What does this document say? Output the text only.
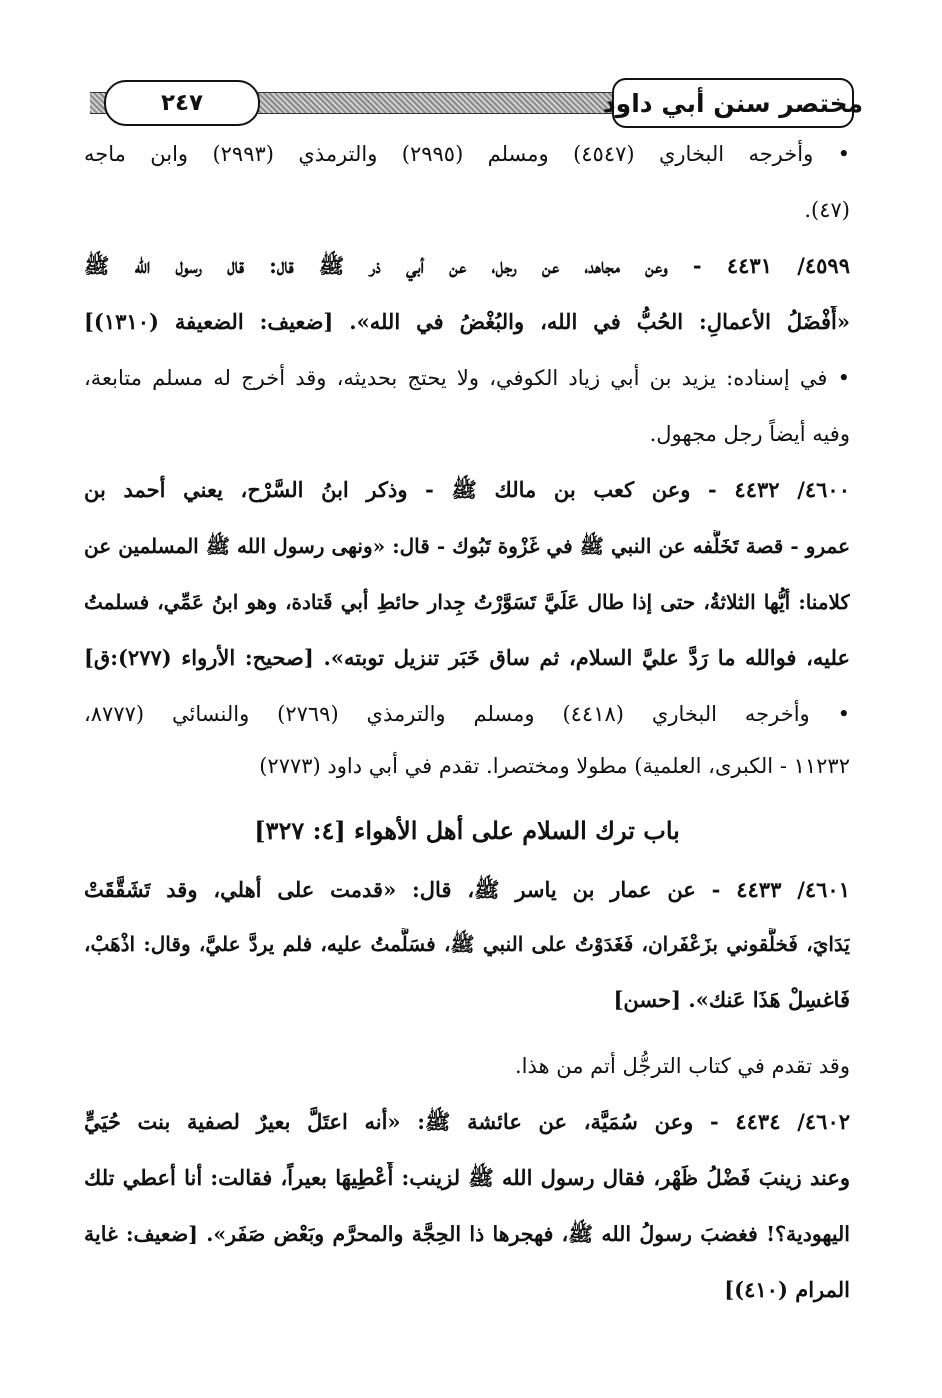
٢٤٧	مختصر سنن أبي داود
• وأخرجه البخاري (٤٥٤٧) ومسلم (٢٩٩٥) والترمذي (٢٩٩٣) وابن ماجه
(٤٧).
٤٥٩٩/ ٤٤٣١ - وعن مجاهد، عن رجل، عن أبي ذر ﷺ قال: قال رسول الله ﷺ
«أَفْضَلُ الأعمالِ: الحُبُّ في الله، والبُغْضُ في الله». [ضعيف: الضعيفة (١٣١٠)]
• في إسناده: يزيد بن أبي زياد الكوفي، ولا يحتج بحديثه، وقد أخرج له مسلم متابعة،
وفيه أيضاً رجل مجهول.
٤٦٠٠/ ٤٤٣٢ - وعن كعب بن مالك ﷺ - وذكر ابنُ السَّرْح، يعني أحمد بن
عمرو - قصة تَخَلُّفه عن النبي ﷺ في غَزْوة تَبُوك - قال: «ونهى رسول الله ﷺ المسلمين عن
كلامنا: أيُّها الثلاثةُ، حتى إذا طال عَلَيَّ تَسَوَّرْتُ جِدار حائطِ أبي قَتادة، وهو ابنُ عَمِّي، فسلمتُ
عليه، فوالله ما رَدَّ عليَّ السلام، ثم ساق خَبَر تنزيل توبته». [صحيح: الأرواء (٢٧٧):ق]
• وأخرجه البخاري (٤٤١٨) ومسلم والترمذي (٢٧٦٩) والنسائي (٨٧٧٧،
١١٢٣٢ - الكبرى، العلمية) مطولا ومختصرا. تقدم في أبي داود (٢٧٧٣)
باب ترك السلام على أهل الأهواء [٤: ٣٢٧]
٤٦٠١/ ٤٤٣٣ - عن عمار بن ياسر ﷺ، قال: «قدمت على أهلي، وقد تَشَقَّقَتْ
يَدَايَ، فَخلَّقوني بزَعْفَران، فَغَدَوْتُ على النبي ﷺ، فسَلَّمتُ عليه، فلم يردَّ عليَّ، وقال: اذْهَبْ،
فَاغسِلْ هَذَا عَنك». [حسن]
وقد تقدم في كتاب الترجُّل أتم من هذا.
٤٦٠٢/ ٤٤٣٤ - وعن سُمَيَّة، عن عائشة ﷺ: «أنه اعتَلَّ بعيرٌ لصفية بنت حُيَيٍّ
وعند زينبَ فَضْلُ ظَهْر، فقال رسول الله ﷺ لزينب: أَعْطِيهَا بعيراً، فقالت: أنا أعطي تلك
اليهودية؟! فغضبَ رسولُ الله ﷺ، فهجرها ذا الحِجَّة والمحرَّم وبَعْض صَفَر». [ضعيف: غاية
المرام (٤١٠)]
